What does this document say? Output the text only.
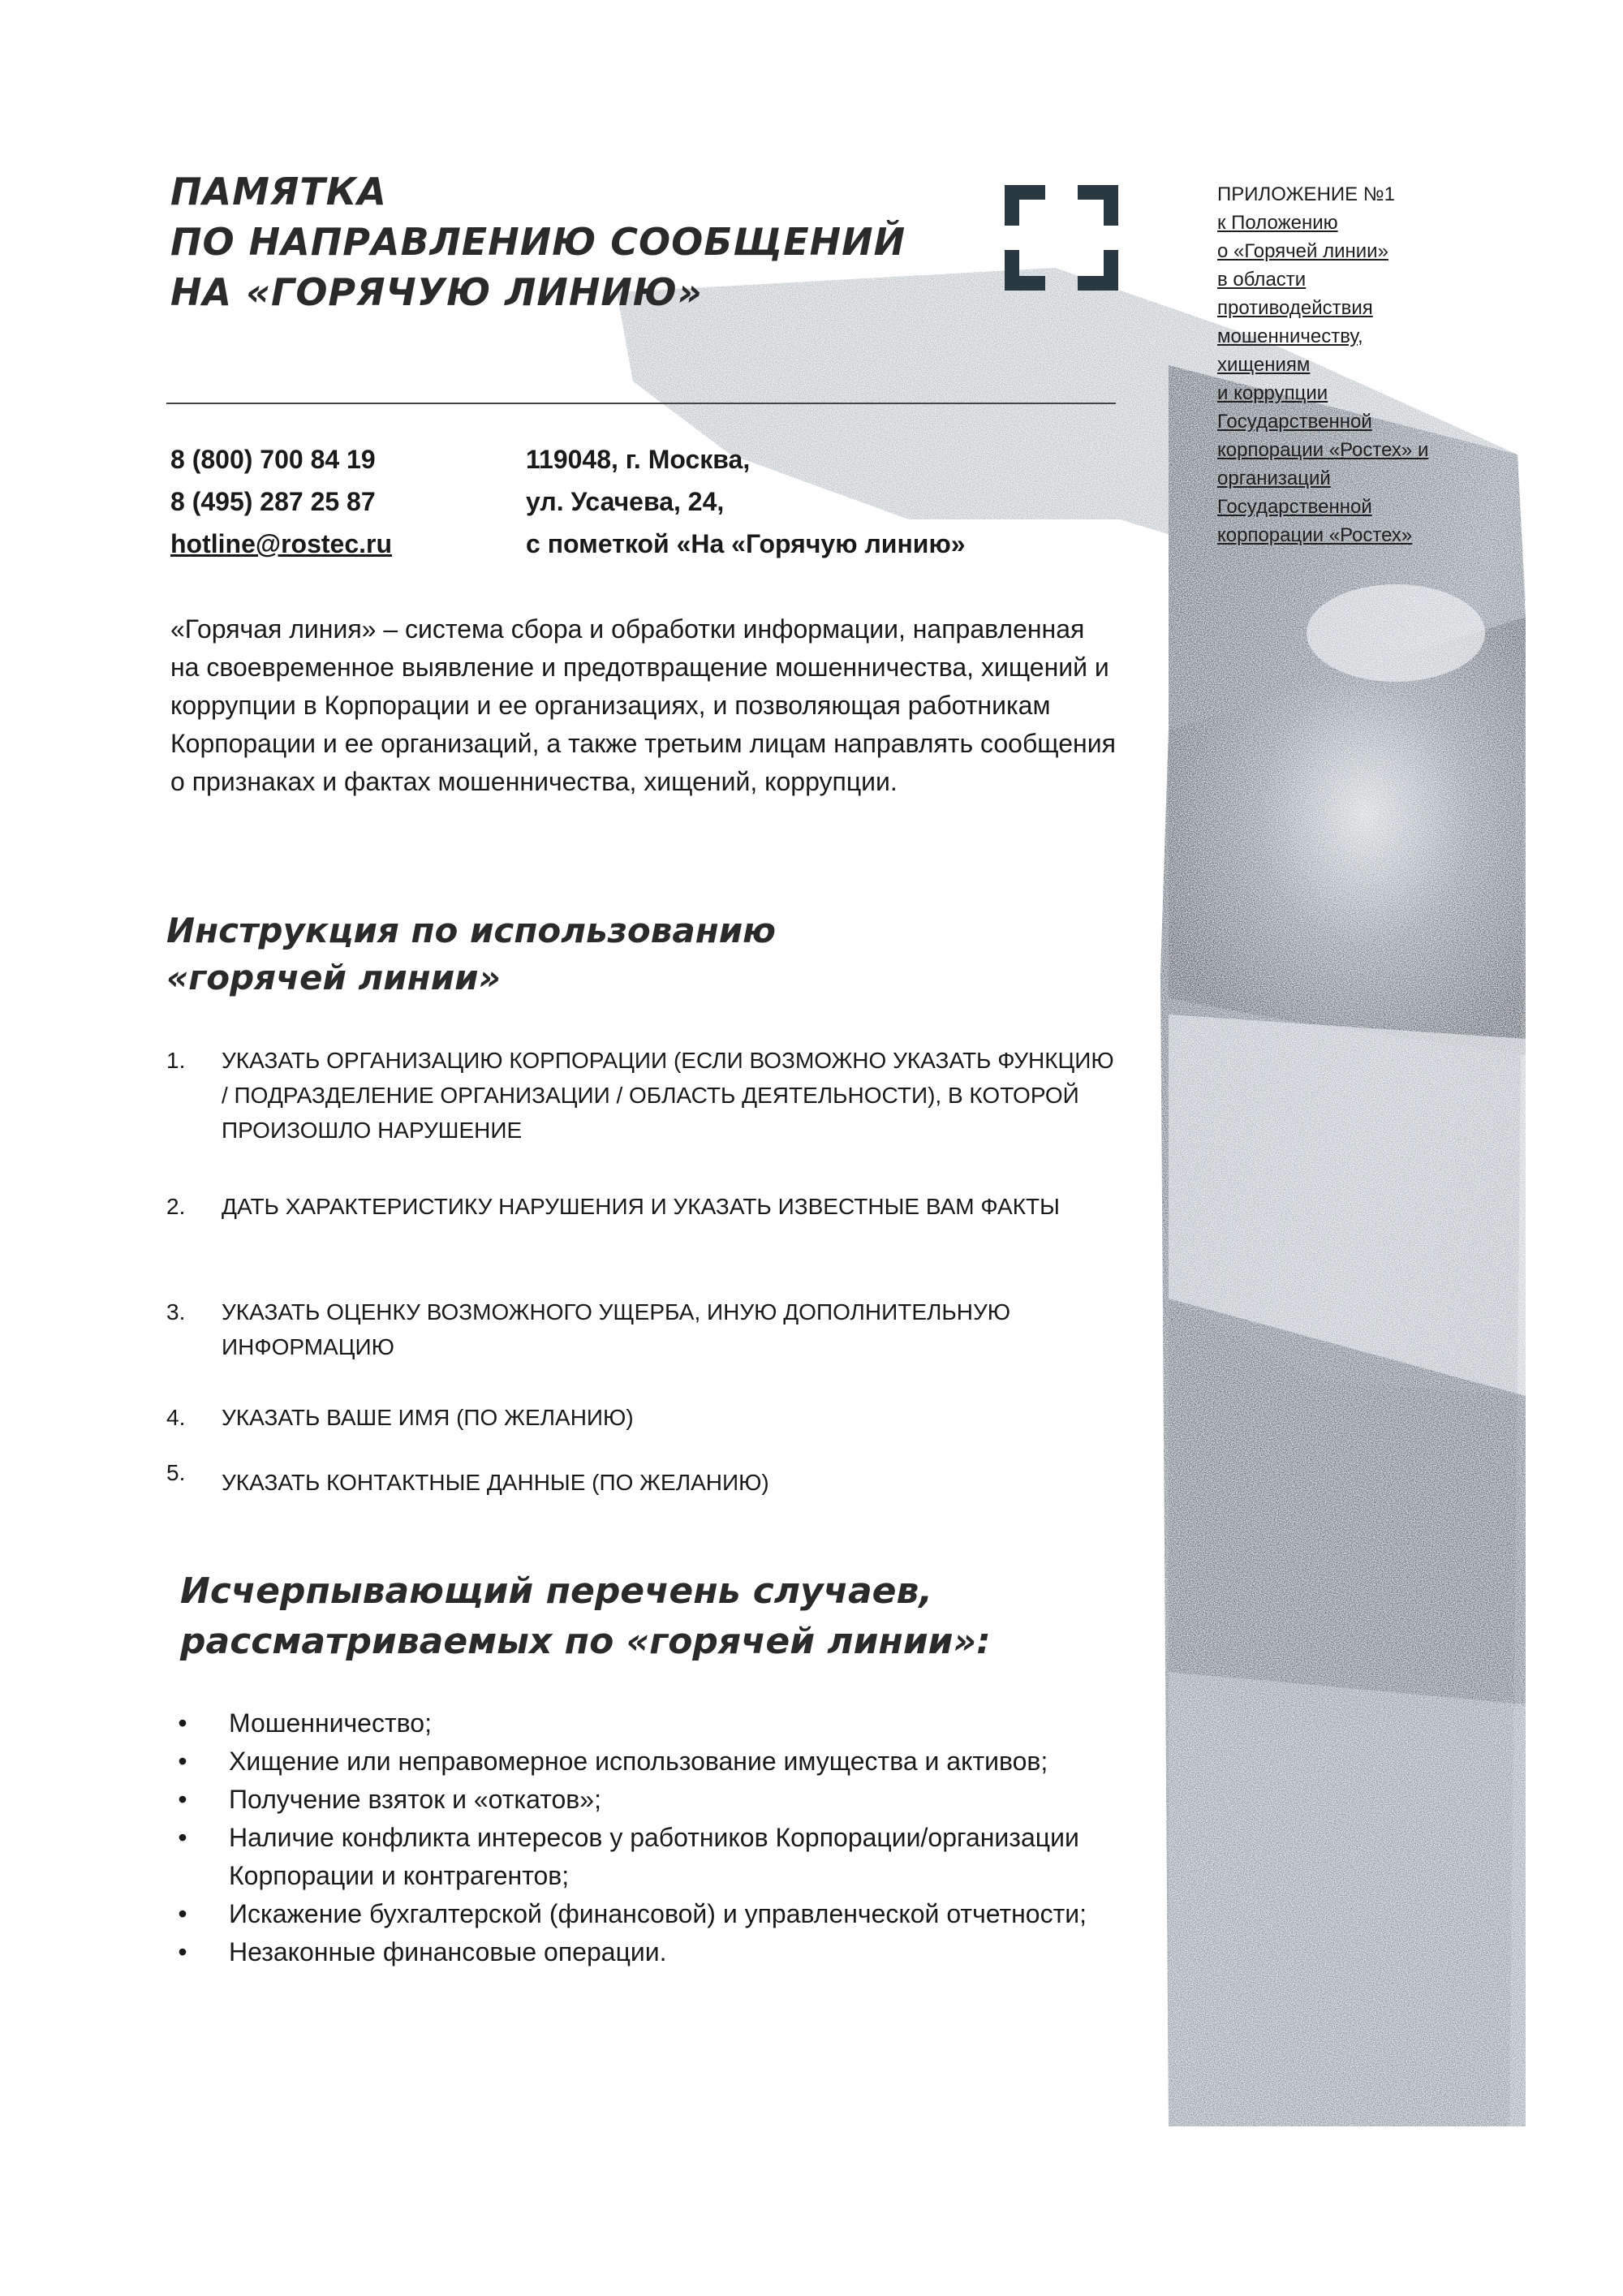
ПАМЯТКА
ПО НАПРАВЛЕНИЮ СООБЩЕНИЙ
НА «ГОРЯЧУЮ ЛИНИЮ»
ПРИЛОЖЕНИЕ №1
к Положению
о «Горячей линии»
в области
противодействия
мошенничеству,
хищениям
и коррупции
Государственной
корпорации «Ростех» и
организаций
Государственной
корпорации «Ростех»
8 (800) 700 84 19
8 (495) 287 25 87
hotline@rostec.ru
119048, г. Москва,
ул. Усачева, 24,
с пометкой «На «Горячую линию»

«Горячая линия» – система сбора и обработки информации, направленная на своевременное выявление и предотвращение мошенничества, хищений и коррупции в Корпорации и ее организациях, и позволяющая работникам Корпорации и ее организаций, а также третьим лицам направлять сообщения о признаках и фактах мошенничества, хищений, коррупции.

Инструкция по использованию
«горячей линии»
1.	УКАЗАТЬ ОРГАНИЗАЦИЮ КОРПОРАЦИИ (ЕСЛИ ВОЗМОЖНО УКАЗАТЬ ФУНКЦИЮ / ПОДРАЗДЕЛЕНИЕ ОРГАНИЗАЦИИ / ОБЛАСТЬ ДЕЯТЕЛЬНОСТИ), В КОТОРОЙ ПРОИЗОШЛО НАРУШЕНИЕ
2.	ДАТЬ ХАРАКТЕРИСТИКУ НАРУШЕНИЯ И УКАЗАТЬ ИЗВЕСТНЫЕ ВАМ ФАКТЫ
3.	УКАЗАТЬ ОЦЕНКУ ВОЗМОЖНОГО УЩЕРБА, ИНУЮ ДОПОЛНИТЕЛЬНУЮ ИНФОРМАЦИЮ
4.	УКАЗАТЬ ВАШЕ ИМЯ (ПО ЖЕЛАНИЮ)
5.	УКАЗАТЬ КОНТАКТНЫЕ ДАННЫЕ (ПО ЖЕЛАНИЮ)
Исчерпывающий перечень случаев,
рассматриваемых по «горячей линии»:
•	Мошенничество;
•	Хищение или неправомерное использование имущества и активов;
•	Получение взяток и «откатов»;
•	Наличие конфликта интересов у работников Корпорации/организации Корпорации и контрагентов;
•	Искажение бухгалтерской (финансовой) и управленческой отчетности;
•	Незаконные финансовые операции.
